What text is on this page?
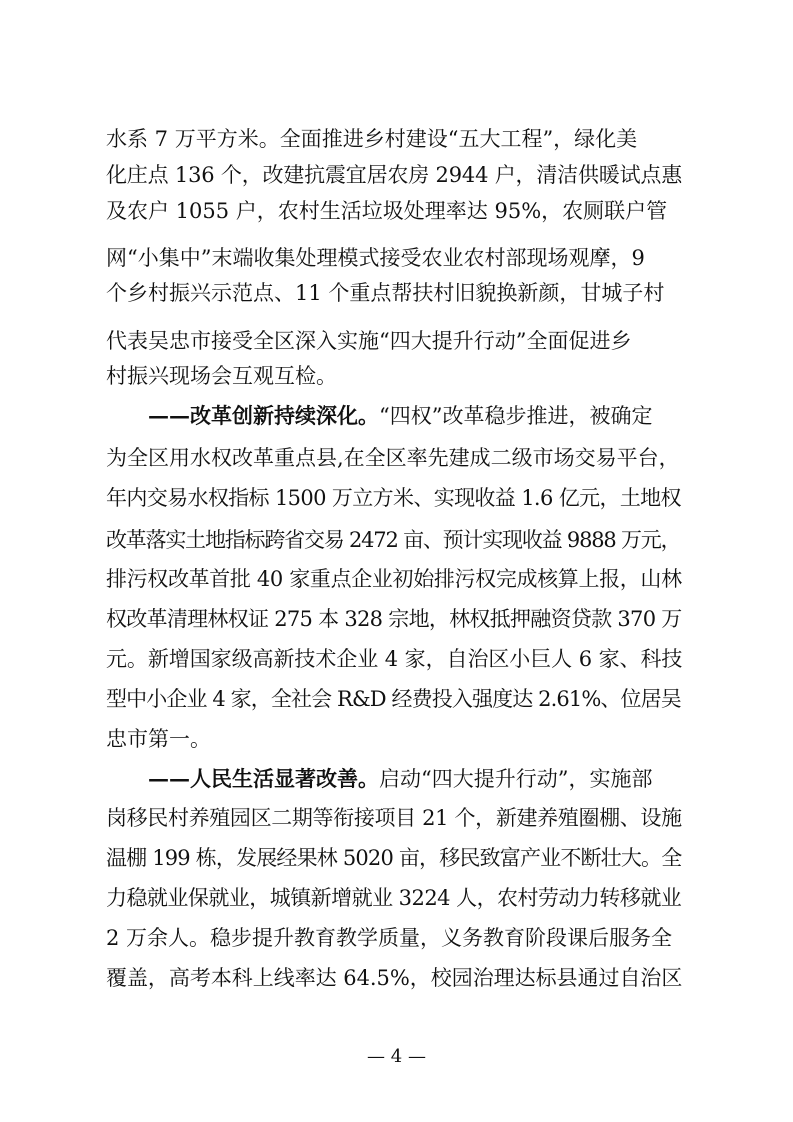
水系 7 万平方米。全面推进乡村建设“五大工程”，绿化美
化庄点 136 个，改建抗震宜居农房 2944 户，清洁供暖试点惠
及农户 1055 户，农村生活垃圾处理率达 95%，农厕联户管
网“小集中”末端收集处理模式接受农业农村部现场观摩，9
个乡村振兴示范点、11 个重点帮扶村旧貌换新颜，甘城子村
代表吴忠市接受全区深入实施“四大提升行动”全面促进乡
村振兴现场会互观互检。
——改革创新持续深化。“四权”改革稳步推进，被确定
为全区用水权改革重点县,在全区率先建成二级市场交易平台，
年内交易水权指标 1500 万立方米、实现收益 1.6 亿元，土地权
改革落实土地指标跨省交易 2472 亩、预计实现收益 9888 万元，
排污权改革首批 40 家重点企业初始排污权完成核算上报，山林
权改革清理林权证 275 本 328 宗地，林权抵押融资贷款 370 万
元。新增国家级高新技术企业 4 家，自治区小巨人 6 家、科技
型中小企业 4 家，全社会 R&D 经费投入强度达 2.61%、位居吴
忠市第一。
——人民生活显著改善。启动“四大提升行动”，实施部
岗移民村养殖园区二期等衔接项目 21 个，新建养殖圈棚、设施
温棚 199 栋，发展经果林 5020 亩，移民致富产业不断壮大。全
力稳就业保就业，城镇新增就业 3224 人，农村劳动力转移就业
2 万余人。稳步提升教育教学质量，义务教育阶段课后服务全
覆盖，高考本科上线率达 64.5%，校园治理达标县通过自治区
— 4 —
